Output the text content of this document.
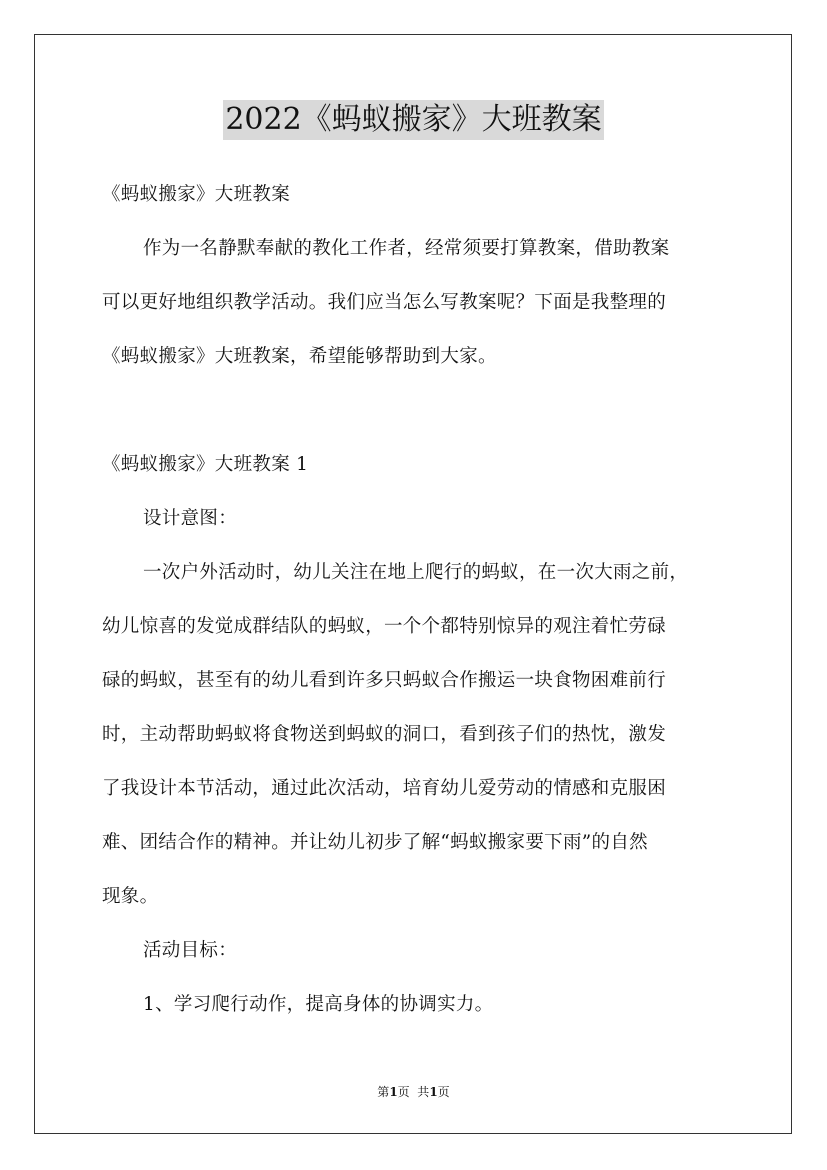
2022《蚂蚁搬家》大班教案
《蚂蚁搬家》大班教案
作为一名静默奉献的教化工作者，经常须要打算教案，借助教案
可以更好地组织教学活动。我们应当怎么写教案呢？下面是我整理的
《蚂蚁搬家》大班教案，希望能够帮助到大家。
《蚂蚁搬家》大班教案 1
设计意图：
一次户外活动时，幼儿关注在地上爬行的蚂蚁，在一次大雨之前，
幼儿惊喜的发觉成群结队的蚂蚁，一个个都特别惊异的观注着忙劳碌
碌的蚂蚁，甚至有的幼儿看到许多只蚂蚁合作搬运一块食物困难前行
时，主动帮助蚂蚁将食物送到蚂蚁的洞口，看到孩子们的热忱，激发
了我设计本节活动，通过此次活动，培育幼儿爱劳动的情感和克服困
难、团结合作的精神。并让幼儿初步了解“蚂蚁搬家要下雨”的自然
现象。
活动目标：
1、学习爬行动作，提高身体的协调实力。
第1页  共1页
